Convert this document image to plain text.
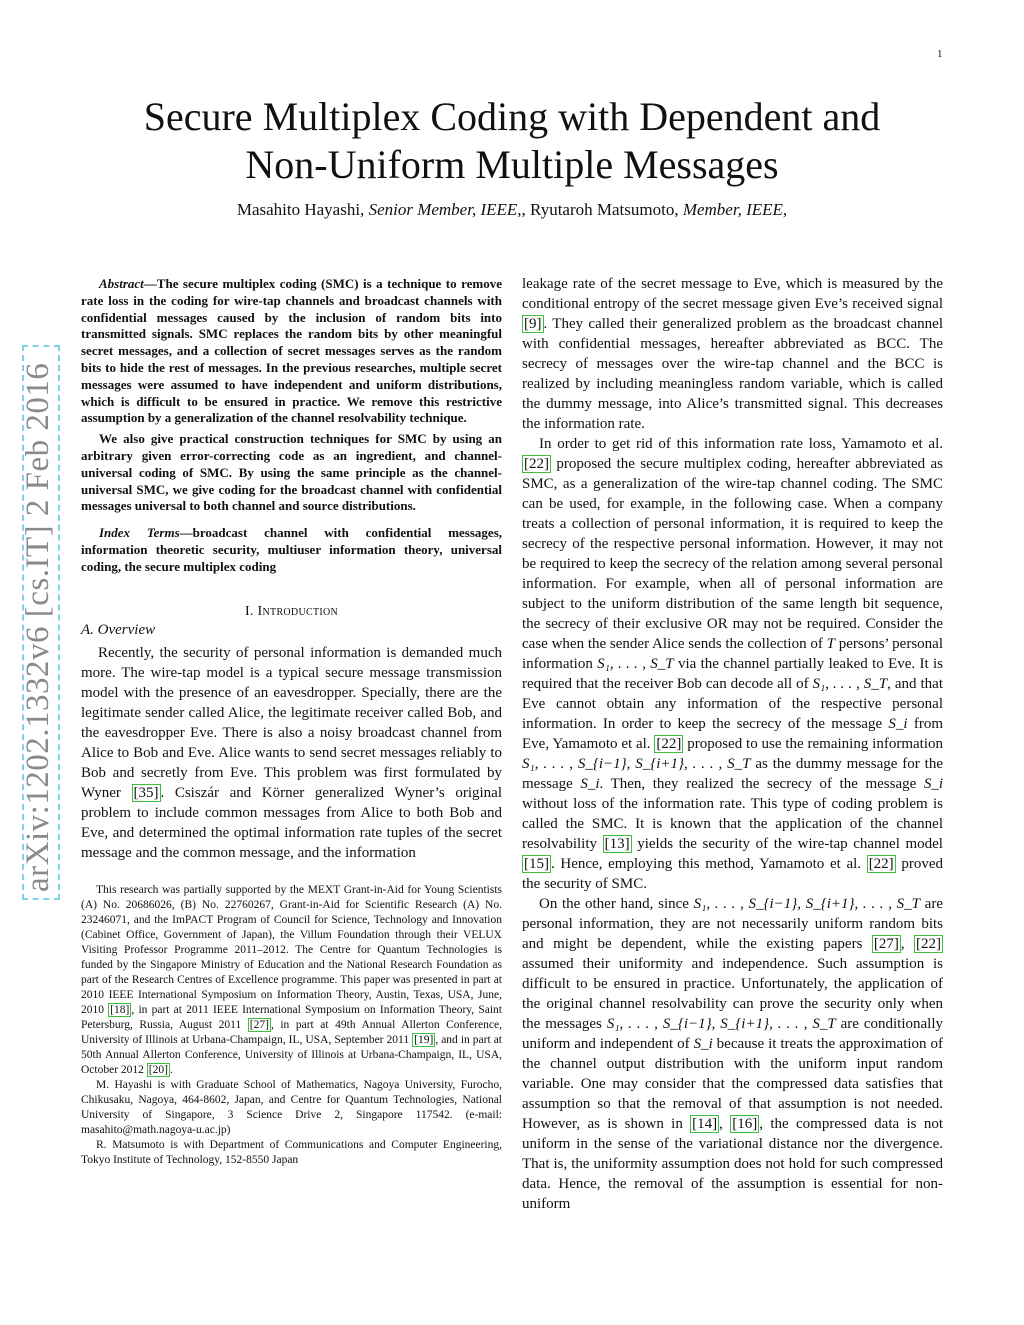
1
arXiv:1202.1332v6 [cs.IT] 2 Feb 2016
Secure Multiplex Coding with Dependent and
Non-Uniform Multiple Messages
Masahito Hayashi, Senior Member, IEEE,, Ryutaroh Matsumoto, Member, IEEE,

Abstract—The secure multiplex coding (SMC) is a technique to remove rate loss in the coding for wire-tap channels and broadcast channels with confidential messages caused by the inclusion of random bits into transmitted signals. SMC replaces the random bits by other meaningful secret messages, and a collection of secret messages serves as the random bits to hide the rest of messages. In the previous researches, multiple secret messages were assumed to have independent and uniform distributions, which is difficult to be ensured in practice. We remove this restrictive assumption by a generalization of the channel resolvability technique.

We also give practical construction techniques for SMC by using an arbitrary given error-correcting code as an ingredient, and channel-universal coding of SMC. By using the same principle as the channel-universal SMC, we give coding for the broadcast channel with confidential messages universal to both channel and source distributions.

Index Terms—broadcast channel with confidential messages, information theoretic security, multiuser information theory, universal coding, the secure multiplex coding

I. Introduction
A. Overview

Recently, the security of personal information is demanded much more. The wire-tap model is a typical secure message transmission model with the presence of an eavesdropper. Specially, there are the legitimate sender called Alice, the legitimate receiver called Bob, and the eavesdropper Eve. There is also a noisy broadcast channel from Alice to Bob and Eve. Alice wants to send secret messages reliably to Bob and secretly from Eve. This problem was first formulated by Wyner [35] . Csiszár and Körner generalized Wyner’s original problem to include common messages from Alice to both Bob and Eve, and determined the optimal information rate tuples of the secret message and the common message, and the information

This research was partially supported by the MEXT Grant-in-Aid for Young Scientists (A) No. 20686026, (B) No. 22760267, Grant-in-Aid for Scientific Research (A) No. 23246071, and the ImPACT Program of Council for Science, Technology and Innovation (Cabinet Office, Government of Japan), the Villum Foundation through their VELUX Visiting Professor Programme 2011–2012. The Centre for Quantum Technologies is funded by the Singapore Ministry of Education and the National Research Foundation as part of the Research Centres of Excellence programme. This paper was presented in part at 2010 IEEE International Symposium on Information Theory, Austin, Texas, USA, June, 2010 [18] , in part at 2011 IEEE International Symposium on Information Theory, Saint Petersburg, Russia, August 2011 [27] , in part at 49th Annual Allerton Conference, University of Illinois at Urbana-Champaign, IL, USA, September 2011 [19] , and in part at 50th Annual Allerton Conference, University of Illinois at Urbana-Champaign, IL, USA, October 2012 [20] .

M. Hayashi is with Graduate School of Mathematics, Nagoya University, Furocho, Chikusaku, Nagoya, 464-8602, Japan, and Centre for Quantum Technologies, National University of Singapore, 3 Science Drive 2, Singapore 117542. (e-mail: masahito@math.nagoya-u.ac.jp)

R. Matsumoto is with Department of Communications and Computer Engineering, Tokyo Institute of Technology, 152-8550 Japan

leakage rate of the secret message to Eve, which is measured by the conditional entropy of the secret message given Eve’s received signal [9] . They called their generalized problem as the broadcast channel with confidential messages, hereafter abbreviated as BCC. The secrecy of messages over the wire-tap channel and the BCC is realized by including meaningless random variable, which is called the dummy message, into Alice’s transmitted signal. This decreases the information rate.

In order to get rid of this information rate loss, Yamamoto et al. [22] proposed the secure multiplex coding, hereafter abbreviated as SMC, as a generalization of the wire-tap channel coding. The SMC can be used, for example, in the following case. When a company treats a collection of personal information, it is required to keep the secrecy of the respective personal information. However, it may not be required to keep the secrecy of the relation among several personal information. For example, when all of personal information are subject to the uniform distribution of the same length bit sequence, the secrecy of their exclusive OR may not be required. Consider the case when the sender Alice sends the collection of T persons’ personal information S₁, . . . , S_T via the channel partially leaked to Eve. It is required that the receiver Bob can decode all of S₁, . . . , S_T, and that Eve cannot obtain any information of the respective personal information. In order to keep the secrecy of the message S_i from Eve, Yamamoto et al. [22] proposed to use the remaining information S₁, . . . , S_{i−1}, S_{i+1}, . . . , S_T as the dummy message for the message S_i. Then, they realized the secrecy of the message S_i without loss of the information rate. This type of coding problem is called the SMC. It is known that the application of the channel resolvability [13] yields the security of the wire-tap channel model [15] . Hence, employing this method, Yamamoto et al. [22] proved the security of SMC.

On the other hand, since S₁, . . . , S_{i−1}, S_{i+1}, . . . , S_T are personal information, they are not necessarily uniform random bits and might be dependent, while the existing papers [27] , [22] assumed their uniformity and independence. Such assumption is difficult to be ensured in practice. Unfortunately, the application of the original channel resolvability can prove the security only when the messages S₁, . . . , S_{i−1}, S_{i+1}, . . . , S_T are conditionally uniform and independent of S_i because it treats the approximation of the channel output distribution with the uniform input random variable. One may consider that the compressed data satisfies that assumption so that the removal of that assumption is not needed. However, as is shown in [14] , [16] , the compressed data is not uniform in the sense of the variational distance nor the divergence. That is, the uniformity assumption does not hold for such compressed data. Hence, the removal of the assumption is essential for non-uniform
